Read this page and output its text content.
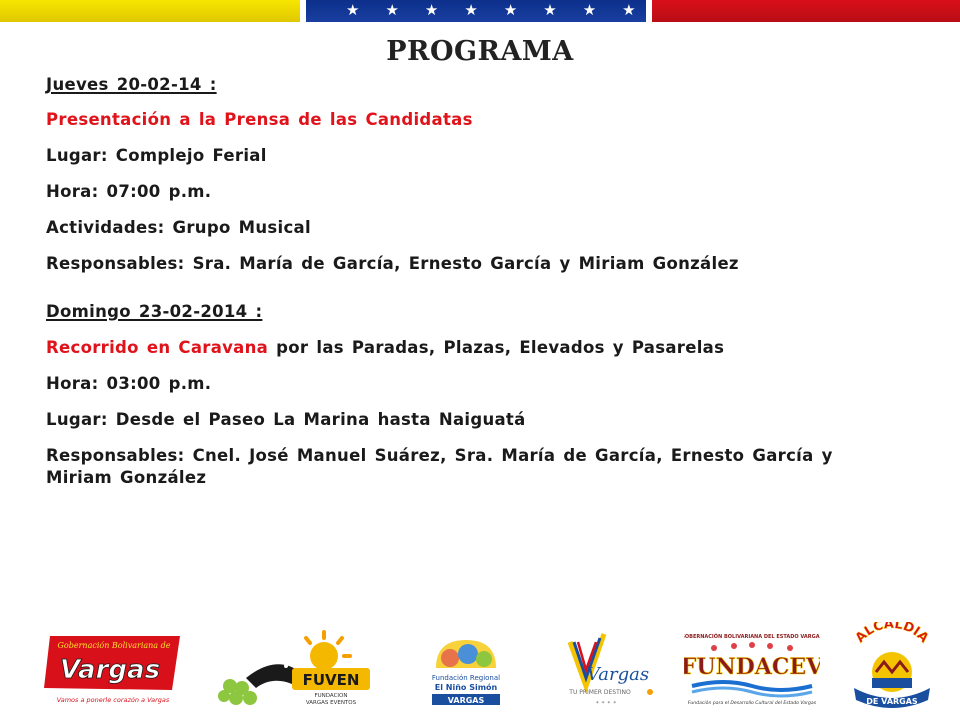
★ ★ ★ ★ ★ ★ ★ ★
PROGRAMA

Jueves 20-02-14 :

Presentación a la Prensa de las Candidatas

Lugar: Complejo Ferial

Hora: 07:00 p.m.

Actividades: Grupo Musical

Responsables: Sra. María de García, Ernesto García y Miriam González

Domingo 23-02-2014 :

Recorrido en Caravana por las Paradas, Plazas, Elevados y Pasarelas

Hora: 03:00 p.m.

Lugar: Desde el Paseo La Marina hasta Naiguatá

Responsables: Cnel. José Manuel Suárez, Sra. María de García, Ernesto García y Miriam González

Gobernación Bolivariana de
Vargas
Vamos a ponerle corazón a Vargas
FUVEN
FUNDACION
VARGAS EVENTOS
Fundación Regional
El Niño Simón
VARGAS
Vargas
TU PRIMER DESTINO
✦ ✦ ✦ ✦
GOBERNACIÓN BOLIVARIANA DEL ESTADO VARGAS
FUNDACEV
Fundación para el Desarrollo Cultural del Estado Vargas
ALCALDIA
DE VARGAS
